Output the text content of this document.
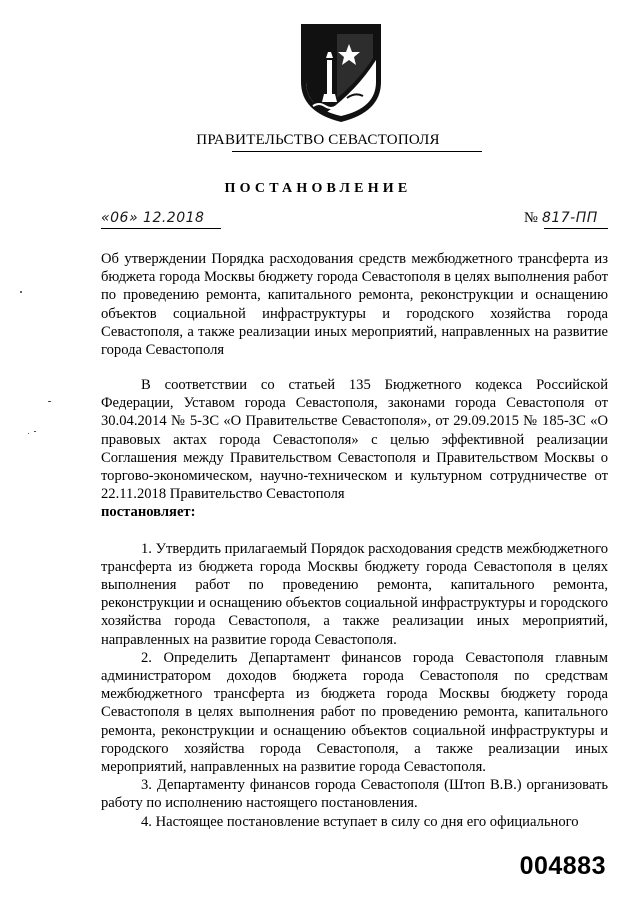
ПРАВИТЕЛЬСТВО СЕВАСТОПОЛЯ
ПОСТАНОВЛЕНИЕ
«06» 12.2018	№ 817-ПП
Об утверждении Порядка расходования средств межбюджетного трансферта из бюджета города Москвы бюджету города Севастополя в целях выполнения работ по проведению ремонта, капитального ремонта, реконструкции и оснащению объектов социальной инфраструктуры и городского хозяйства города Севастополя, а также реализации иных мероприятий, направленных на развитие города Севастополя

В соответствии со статьей 135 Бюджетного кодекса Российской Федерации, Уставом города Севастополя, законами города Севастополя от 30.04.2014 № 5-ЗС «О Правительстве Севастополя», от 29.09.2015 № 185-ЗС «О правовых актах города Севастополя» с целью эффективной реализации Соглашения между Правительством Севастополя и Правительством Москвы о торгово-экономическом, научно-техническом и культурном сотрудничестве от 22.11.2018 Правительство Севастополя
постановляет:

1. Утвердить прилагаемый Порядок расходования средств межбюджетного трансферта из бюджета города Москвы бюджету города Севастополя в целях выполнения работ по проведению ремонта, капитального ремонта, реконструкции и оснащению объектов социальной инфраструктуры и городского хозяйства города Севастополя, а также реализации иных мероприятий, направленных на развитие города Севастополя.

2. Определить Департамент финансов города Севастополя главным администратором доходов бюджета города Севастополя по средствам межбюджетного трансферта из бюджета города Москвы бюджету города Севастополя в целях выполнения работ по проведению ремонта, капитального ремонта, реконструкции и оснащению объектов социальной инфраструктуры и городского хозяйства города Севастополя, а также реализации иных мероприятий, направленных на развитие города Севастополя.

3. Департаменту финансов города Севастополя (Штоп В.В.) организовать работу по исполнению настоящего постановления.

4. Настоящее постановление вступает в силу со дня его официального

004883
